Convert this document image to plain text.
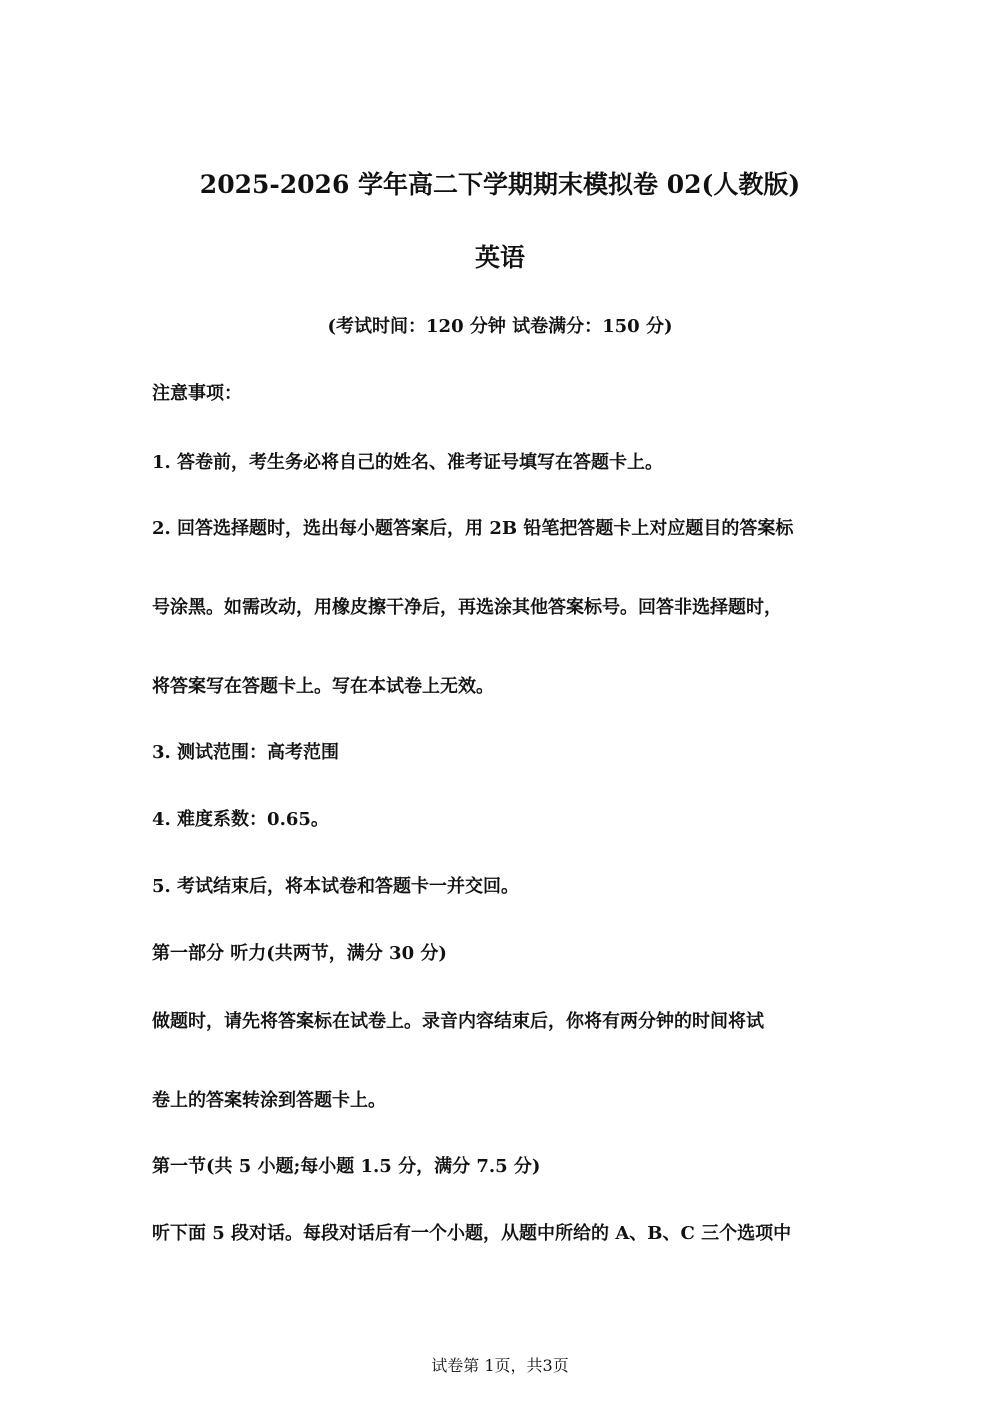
2025-2026 学年高二下学期期末模拟卷 02(人教版)
英语
(考试时间：120 分钟 试卷满分：150 分)
注意事项：
1. 答卷前，考生务必将自己的姓名、准考证号填写在答题卡上。
2. 回答选择题时，选出每小题答案后，用 2B 铅笔把答题卡上对应题目的答案标
号涂黑。如需改动，用橡皮擦干净后，再选涂其他答案标号。回答非选择题时，
将答案写在答题卡上。写在本试卷上无效。
3. 测试范围：高考范围
4. 难度系数：0.65。
5. 考试结束后，将本试卷和答题卡一并交回。
第一部分 听力(共两节，满分 30 分)
做题时，请先将答案标在试卷上。录音内容结束后，你将有两分钟的时间将试
卷上的答案转涂到答题卡上。
第一节(共 5 小题;每小题 1.5 分，满分 7.5 分)
听下面 5 段对话。每段对话后有一个小题，从题中所给的 A、B、C 三个选项中
试卷第 1页，共3页
